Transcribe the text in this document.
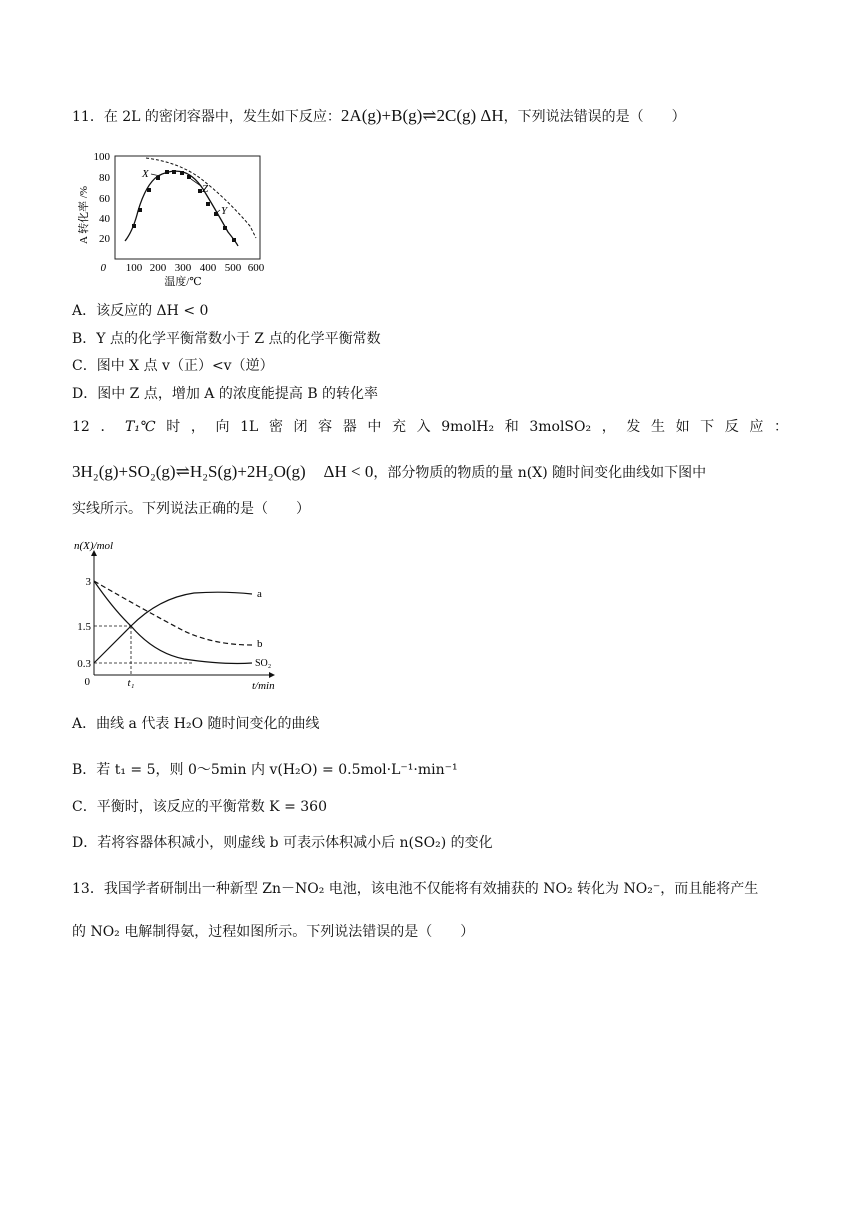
11．在 2L 的密闭容器中，发生如下反应：2A(g)+B(g)⇌2C(g) ΔH，下列说法错误的是（　　）
A 转化率 /%
100
80
60
40
20
0 100 200 300 400 500 600
温度/℃
X
Z
Y
A．该反应的 ΔH < 0
B．Y 点的化学平衡常数小于 Z 点的化学平衡常数
C．图中 X 点 v（正）<v（逆）
D．图中 Z 点，增加 A 的浓度能提高 B 的转化率
12 ． T₁℃ 时 ， 向 1L 密 闭 容 器 中 充 入 9molH₂ 和 3molSO₂ ， 发 生 如 下 反 应 ：
3H₂(g)+SO₂(g)⇌H₂S(g)+2H₂O(g) ΔH < 0，部分物质的物质的量 n(X) 随时间变化曲线如下图中
实线所示。下列说法正确的是（　　）
n(X)/mol
t/min
0
3
1.5
0.3
t₁
a
b
SO₂
A．曲线 a 代表 H₂O 随时间变化的曲线
B．若 t₁ = 5，则 0～5min 内 v(H₂O) = 0.5mol·L⁻¹·min⁻¹
C．平衡时，该反应的平衡常数 K = 360
D．若将容器体积减小，则虚线 b 可表示体积减小后 n(SO₂) 的变化
13．我国学者研制出一种新型 Zn－NO₂ 电池，该电池不仅能将有效捕获的 NO₂ 转化为 NO₂⁻，而且能将产生
的 NO₂ 电解制得氨，过程如图所示。下列说法错误的是（　　）
